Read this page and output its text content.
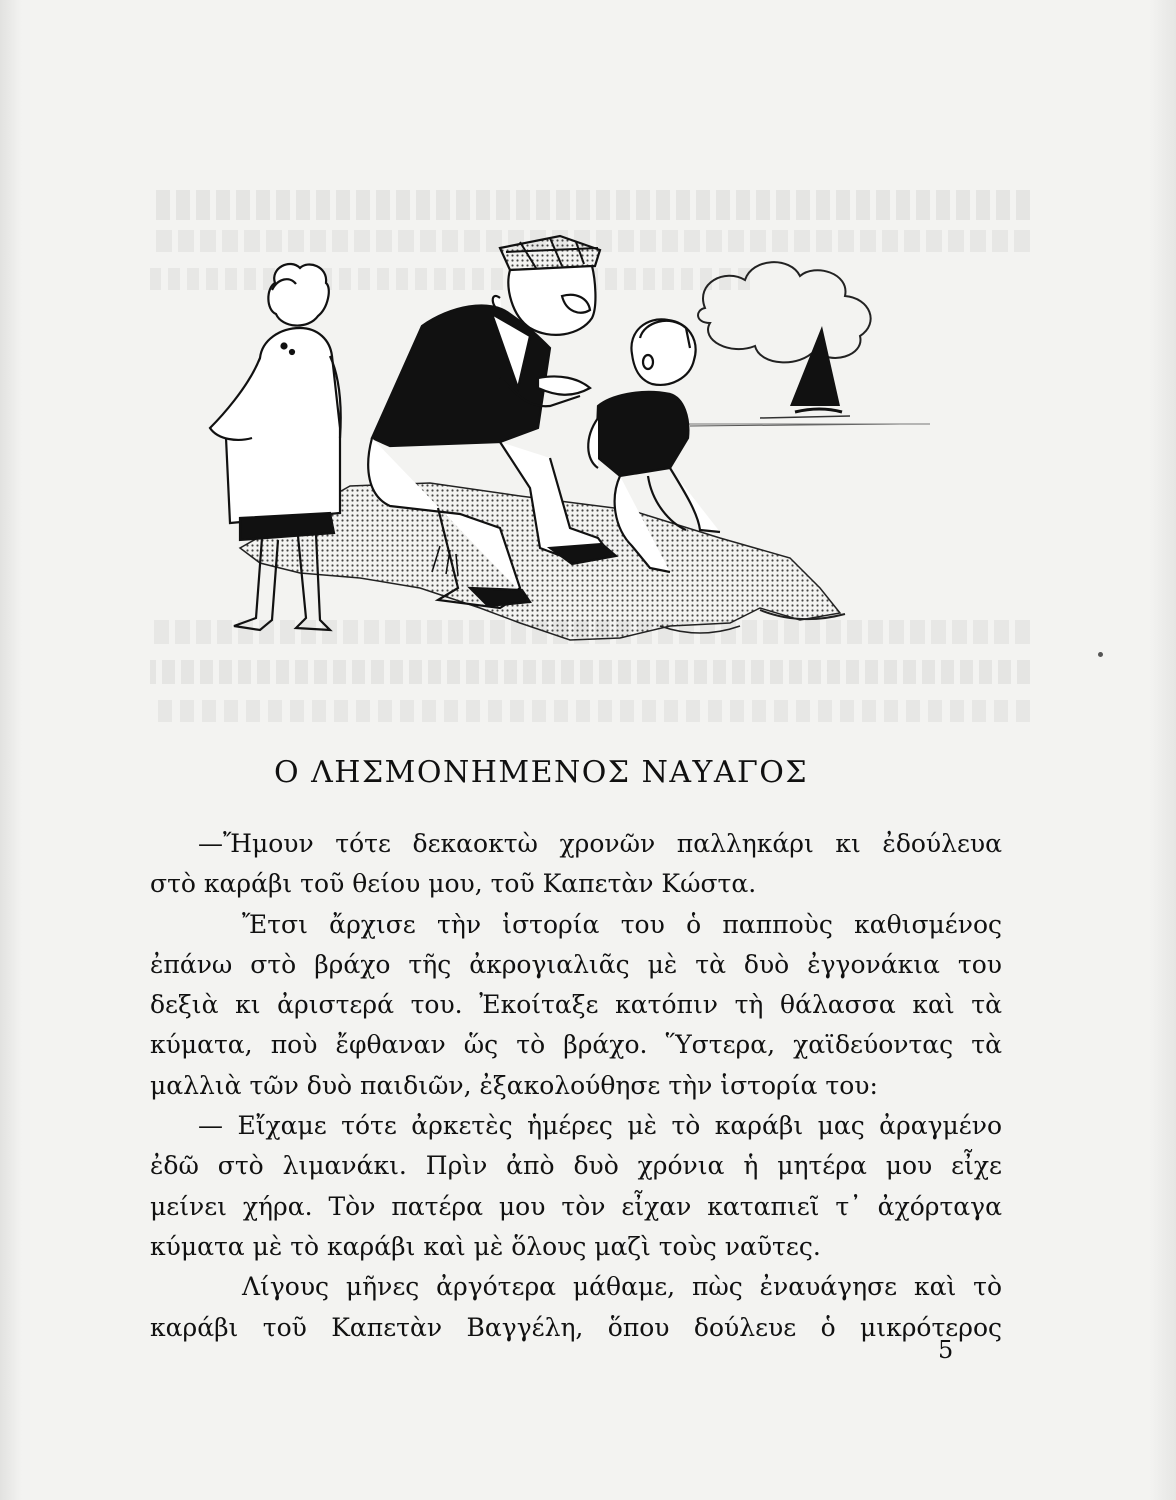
Ο ΛΗΣΜΟΝΗΜΕΝΟΣ ΝΑΥΑΓΟΣ

—Ἤμουν τότε δεκαοκτὼ χρονῶν παλληκάρι κι ἐδούλευα

στὸ καράβι τοῦ θείου μου, τοῦ Καπετὰν Κώστα.

Ἔτσι ἄρχισε τὴν ἱστορία του ὁ παπποὺς καθισμένος

ἐπάνω στὸ βράχο τῆς ἀκρογιαλιᾶς μὲ τὰ δυὸ ἐγγονάκια του

δεξιὰ κι ἀριστερά του. Ἐκοίταξε κατόπιν τὴ θάλασσα καὶ τὰ

κύματα, ποὺ ἔφθαναν ὥς τὸ βράχο. Ὕστερα, χαϊδεύοντας τὰ

μαλλιὰ τῶν δυὸ παιδιῶν, ἐξακολούθησε τὴν ἱστορία του:

— Εἴχαμε τότε ἀρκετὲς ἡμέρες μὲ τὸ καράβι μας ἀραγμένο

ἐδῶ στὸ λιμανάκι. Πρὶν ἀπὸ δυὸ χρόνια ἡ μητέρα μου εἶχε

μείνει χήρα. Τὸν πατέρα μου τὸν εἶχαν καταπιεῖ τ᾽ ἀχόρταγα

κύματα μὲ τὸ καράβι καὶ μὲ ὅλους μαζὶ τοὺς ναῦτες.

Λίγους μῆνες ἀργότερα μάθαμε, πὼς ἐναυάγησε καὶ τὸ

καράβι τοῦ Καπετὰν Βαγγέλη, ὅπου δούλευε ὁ μικρότερος

5
